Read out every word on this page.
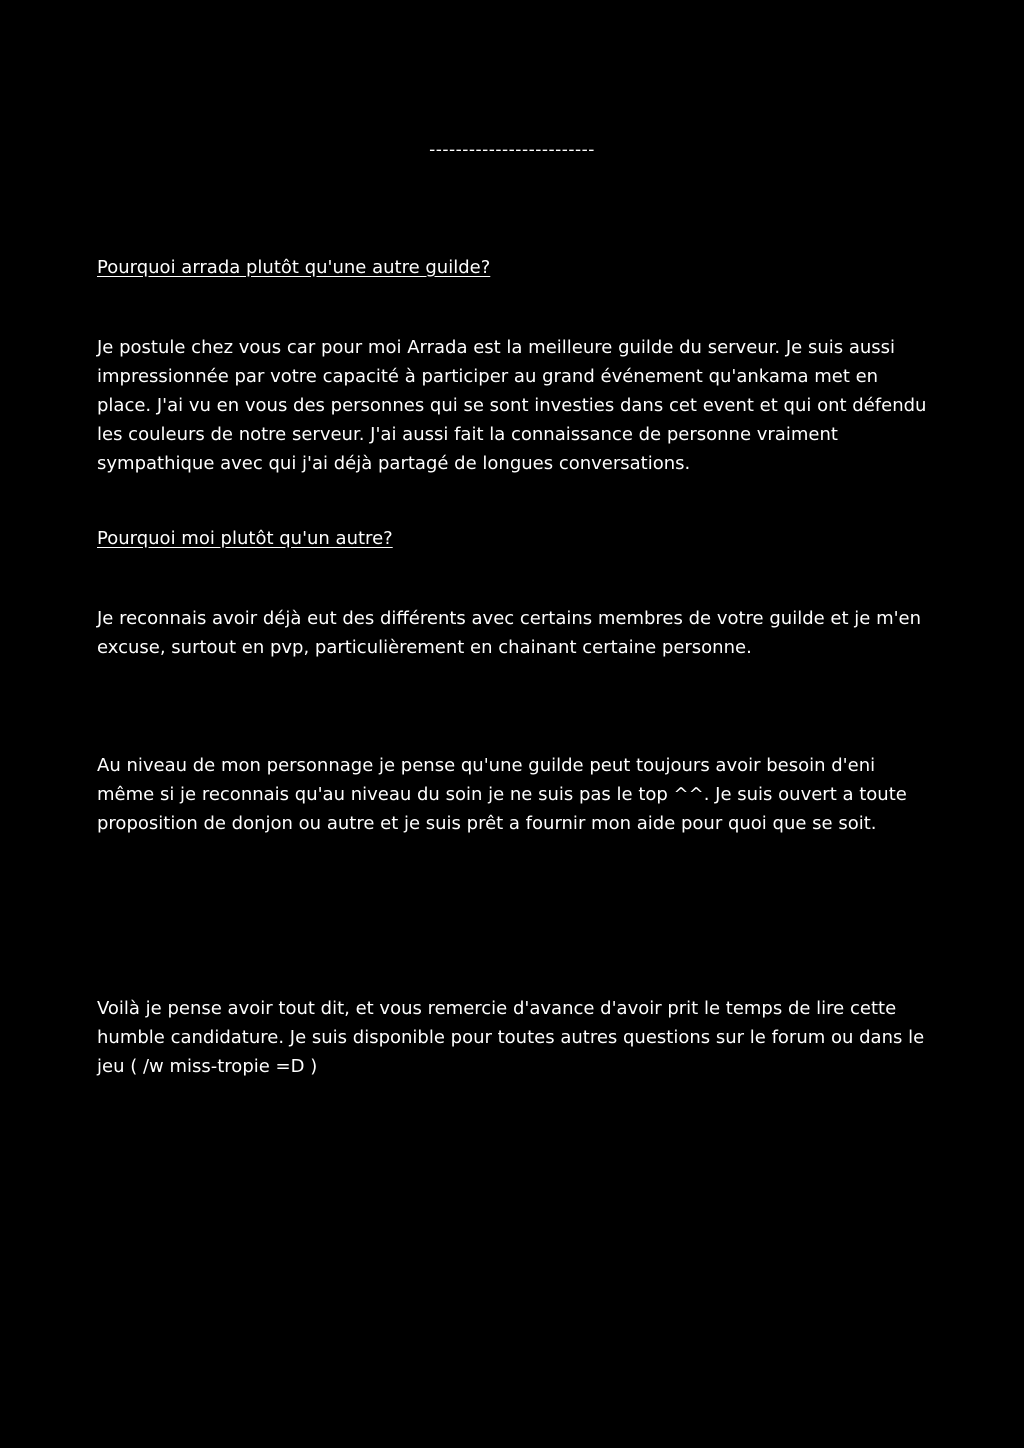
-------------------------
Pourquoi arrada plutôt qu'une autre guilde?

Je postule chez vous car pour moi Arrada est la meilleure guilde du serveur. Je suis aussi impressionnée par votre capacité à participer au grand événement qu'ankama met en place. J'ai vu en vous des personnes qui se sont investies dans cet event et qui ont défendu les couleurs de notre serveur. J'ai aussi fait la connaissance de personne vraiment sympathique avec qui j'ai déjà partagé de longues conversations.

Pourquoi moi plutôt qu'un autre?

Je reconnais avoir déjà eut des différents avec certains membres de votre guilde et je m'en excuse, surtout en pvp, particulièrement en chainant certaine personne.

Au niveau de mon personnage je pense qu'une guilde peut toujours avoir besoin d'eni même si je reconnais qu'au niveau du soin je ne suis pas le top ^^. Je suis ouvert a toute proposition de donjon ou autre et je suis prêt a fournir mon aide pour quoi que se soit.

Voilà je pense avoir tout dit, et vous remercie d'avance d'avoir prit le temps de lire cette humble candidature. Je suis disponible pour toutes autres questions sur le forum ou dans le jeu ( /w miss-tropie =D )
